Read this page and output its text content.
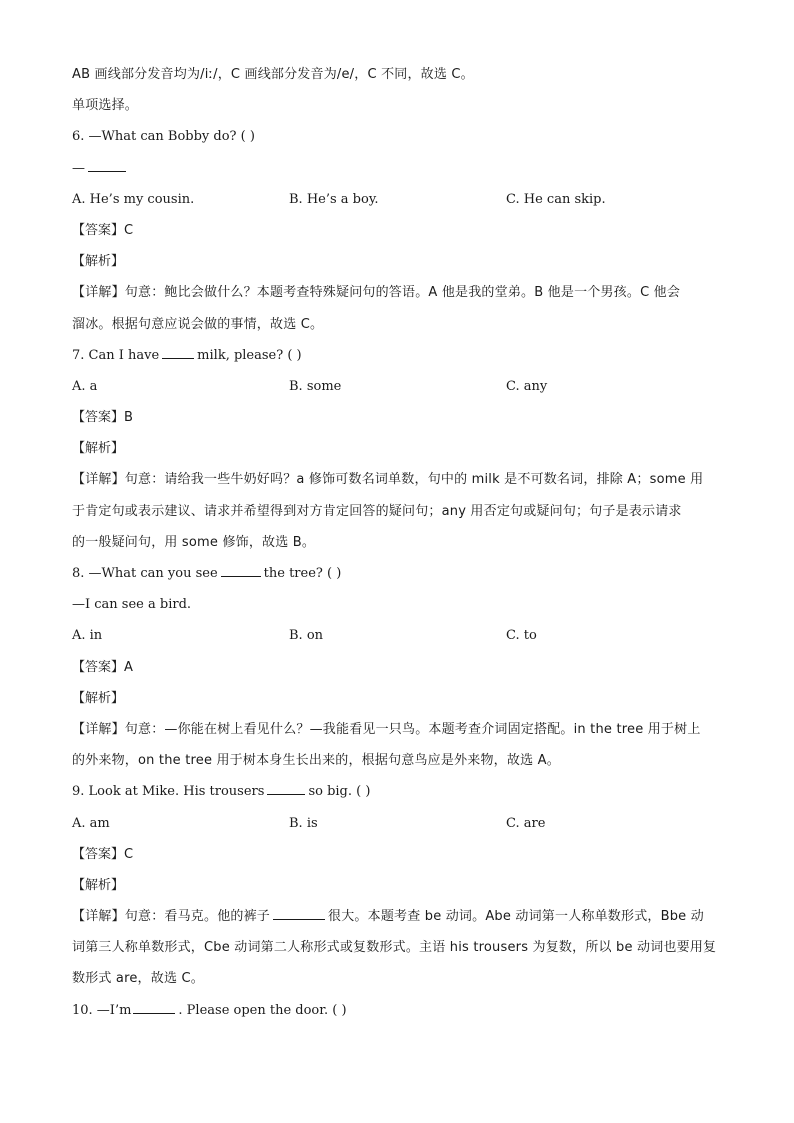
AB 画线部分发音均为/iː/，C 画线部分发音为/e/，C 不同，故选 C。
单项选择。
6. —What can Bobby do? ( )
—
A. He’s my cousin.	B. He’s a boy.	C. He can skip.
【答案】C
【解析】
【详解】句意：鲍比会做什么？本题考查特殊疑问句的答语。A 他是我的堂弟。B 他是一个男孩。C 他会
溜冰。根据句意应说会做的事情，故选 C。
7. Can I have	milk, please? ( )
A. a	B. some	C. any
【答案】B
【解析】
【详解】句意：请给我一些牛奶好吗？a 修饰可数名词单数，句中的 milk 是不可数名词，排除 A；some 用
于肯定句或表示建议、请求并希望得到对方肯定回答的疑问句；any 用否定句或疑问句；句子是表示请求
的一般疑问句，用 some 修饰，故选 B。
8. —What can you see	the tree? ( )
—I can see a bird.
A. in	B. on	C. to
【答案】A
【解析】
【详解】句意：—你能在树上看见什么？—我能看见一只鸟。本题考查介词固定搭配。in the tree 用于树上
的外来物，on the tree 用于树本身生长出来的，根据句意鸟应是外来物，故选 A。
9. Look at Mike. His trousers	so big. ( )
A. am	B. is	C. are
【答案】C
【解析】
【详解】句意：看马克。他的裤子	很大。本题考查 be 动词。Abe 动词第一人称单数形式，Bbe 动
词第三人称单数形式，Cbe 动词第二人称形式或复数形式。主语 his trousers 为复数，所以 be 动词也要用复
数形式 are，故选 C。
10. —I’m	. Please open the door. ( )
